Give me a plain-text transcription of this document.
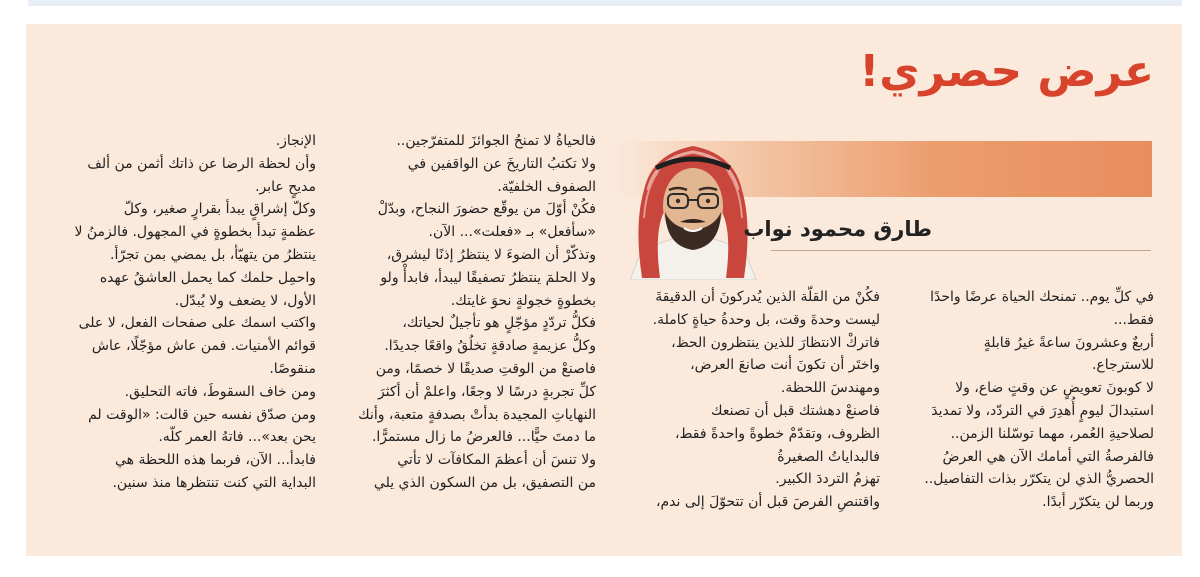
عرض حصري!
طارق محمود نواب

في كلِّ يوم.. تمنحك الحياة عرضًا واحدًا

فقط...

أربعٌ وعشرونَ ساعةً غيرُ قابلةٍ

للاسترجاع.

لا كوبونَ تعويضٍ عن وقتٍ ضاع، ولا

استبدالَ ليومٍ أُهدِرَ في التردّد، ولا تمديدَ

لصلاحيةِ العُمر، مهما توسّلنا الزمن..

فالفرصةُ التي أمامك الآن هي العرضُ

الحصريُّ الذي لن يتكرّر بذات التفاصيل..

وربما لن يتكرّر أبدًا.

فكُنْ من القلّة الذين يُدركونَ أن الدقيقةَ

ليست وحدةَ وقت، بل وحدةُ حياةٍ كاملة.

فاتركْ الانتظارَ للذين ينتظرون الحظ،

واختَر أن تكونَ أنت صانعَ العرض،

ومهندسَ اللحظة.

فاصنعْ دهشتك قبل أن تصنعك

الظروف، وتقدّمْ خطوةً واحدةً فقط،

فالبداياتُ الصغيرةُ

تهزمُ الترددَ الكبير.

واقتنصِ الفرصَ قبل أن تتحوّلَ إلى ندم،

فالحياةُ لا تمنحُ الجوائزَ للمتفرّجين..

ولا تكتبُ التاريخَ عن الواقفين في

الصفوف الخلفيّة.

فكُنْ أوّلَ من يوقّع حضورَ النجاح، وبدّلْ

«سأفعل» بـ «فعلت»... الآن.

وتذكّرْ أن الضوءَ لا ينتظرُ إذنًا ليشرق،

ولا الحلمَ ينتظرُ تصفيقًا ليبدأ، فابدأْ ولو

بخطوةٍ خجولةٍ نحوَ غايتك.

فكلُّ تردّدٍ مؤجّلٍ هو تأجيلٌ لحياتك،

وكلُّ عزيمةٍ صادقةٍ تخلُقُ واقعًا جديدًا.

فاصنعْ من الوقتِ صديقًا لا خصمًا، ومن

كلِّ تجربةٍ درسًا لا وجعًا، واعلمْ أن أكثرَ

النهاياتِ المجيدة بدأتْ بصدفةٍ متعبة، وأنك

ما دمتَ حيًّا... فالعرضُ ما زال مستمرًّا.

ولا تنسَ أن أعظمَ المكافآت لا تأتي

من التصفيق، بل من السكون الذي يلي

الإنجاز.

وأن لحظة الرضا عن ذاتك أثمن من ألف

مديحٍ عابر.

وكلّ إشراقٍ يبدأ بقرارٍ صغير، وكلّ

عظمةٍ تبدأ بخطوةٍ في المجهول. فالزمنُ لا

ينتظرُ من يتهيّأ، بل يمضي بمن تجرّأ.

واحمِل حلمك كما يحمل العاشقُ عهده

الأول، لا يضعف ولا يُبدّل.

واكتب اسمك على صفحات الفعل، لا على

قوائم الأمنيات. فمن عاش مؤجّلًا، عاش

منقوصًا.

ومن خاف السقوطَ، فاته التحليق.

ومن صدّق نفسه حين قالت: «الوقت لم

يحن بعد»... فاتهُ العمر كلّه.

فابدأ... الآن، فربما هذه اللحظة هي

البداية التي كنت تنتظرها منذ سنين.
